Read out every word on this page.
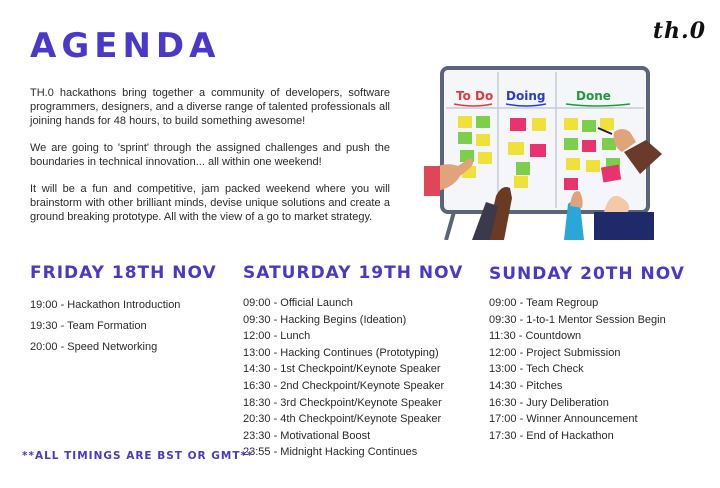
th.0
AGENDA

TH.0 hackathons bring together a community of developers, software programmers, designers, and a diverse range of talented professionals all joining hands for 48 hours, to build something awesome!

We are going to 'sprint' through the assigned challenges and push the boundaries in technical innovation... all within one weekend!

It will be a fun and competitive, jam packed weekend where you will brainstorm with other brilliant minds, devise unique solutions and create a ground breaking prototype. All with the view of a go to market strategy.

To Do Doing	Done
FRIDAY 18TH NOV
19:00 - Hackathon Introduction
19:30 - Team Formation
20:00 - Speed Networking
SATURDAY 19TH NOV
09:00 - Official Launch
09:30 - Hacking Begins (Ideation)
12:00 - Lunch
13:00 - Hacking Continues (Prototyping)
14:30 - 1st Checkpoint/Keynote Speaker
16:30 - 2nd Checkpoint/Keynote Speaker
18:30 - 3rd Checkpoint/Keynote Speaker
20:30 - 4th Checkpoint/Keynote Speaker
23:30 - Motivational Boost
23:55 - Midnight Hacking Continues
SUNDAY 20TH NOV
09:00 - Team Regroup
09:30 - 1-to-1 Mentor Session Begin
11:30 - Countdown
12:00 - Project Submission
13:00 - Tech Check
14:30 - Pitches
16:30 - Jury Deliberation
17:00 - Winner Announcement
17:30 - End of Hackathon
**ALL TIMINGS ARE BST OR GMT**
